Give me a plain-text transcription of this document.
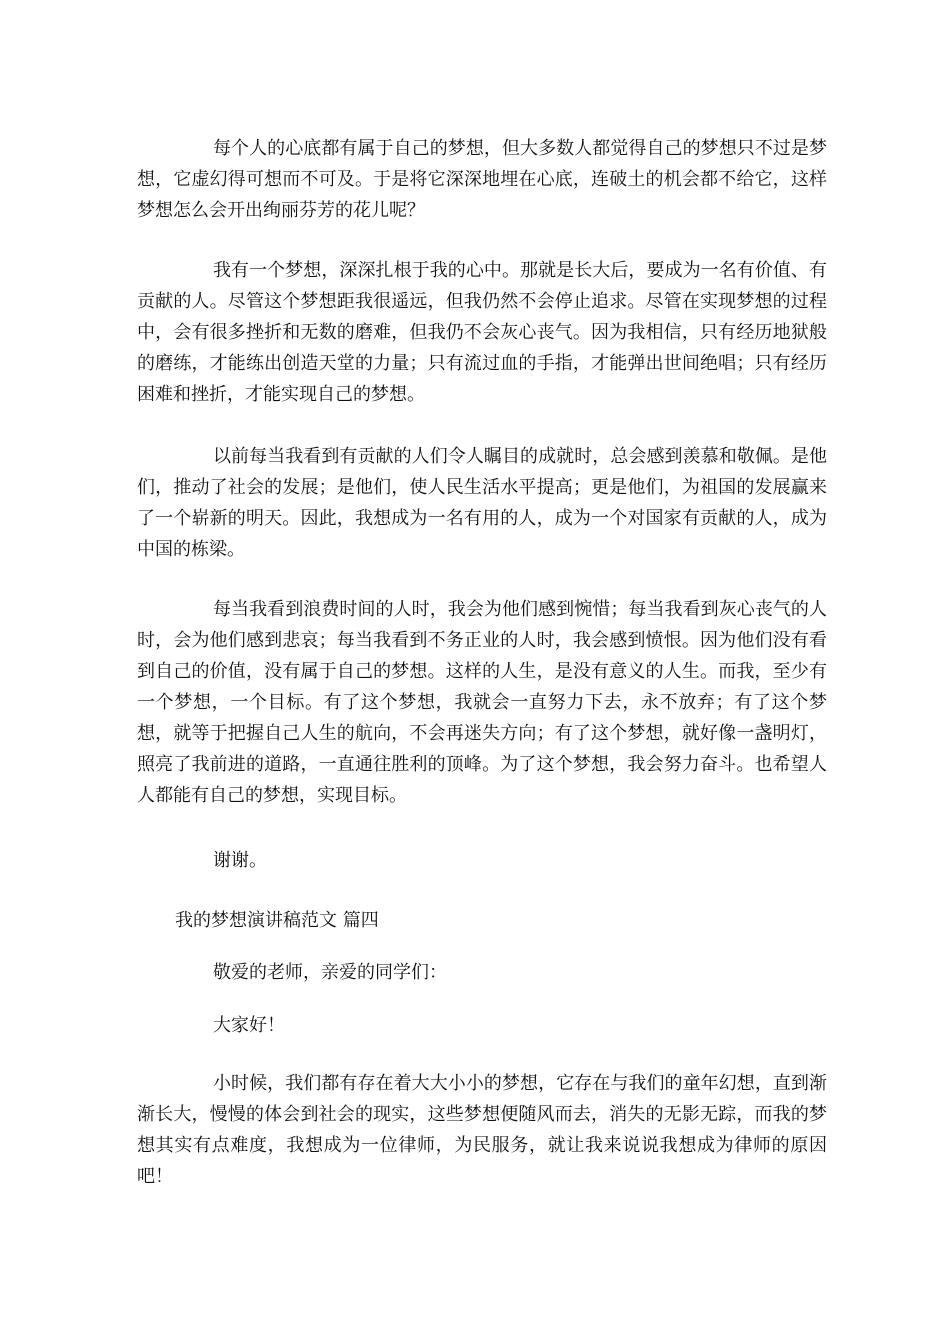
每个人的心底都有属于自己的梦想，但大多数人都觉得自己的梦想只不过是梦想，它虚幻得可想而不可及。于是将它深深地埋在心底，连破土的机会都不给它，这样梦想怎么会开出绚丽芬芳的花儿呢？

我有一个梦想，深深扎根于我的心中。那就是长大后，要成为一名有价值、有贡献的人。尽管这个梦想距我很遥远，但我仍然不会停止追求。尽管在实现梦想的过程中，会有很多挫折和无数的磨难，但我仍不会灰心丧气。因为我相信，只有经历地狱般的磨练，才能练出创造天堂的力量；只有流过血的手指，才能弹出世间绝唱；只有经历困难和挫折，才能实现自己的梦想。

以前每当我看到有贡献的人们令人瞩目的成就时，总会感到羡慕和敬佩。是他们，推动了社会的发展；是他们，使人民生活水平提高；更是他们，为祖国的发展赢来了一个崭新的明天。因此，我想成为一名有用的人，成为一个对国家有贡献的人，成为中国的栋梁。

每当我看到浪费时间的人时，我会为他们感到惋惜；每当我看到灰心丧气的人时，会为他们感到悲哀；每当我看到不务正业的人时，我会感到愤恨。因为他们没有看到自己的价值，没有属于自己的梦想。这样的人生，是没有意义的人生。而我，至少有一个梦想，一个目标。有了这个梦想，我就会一直努力下去，永不放弃；有了这个梦想，就等于把握自己人生的航向，不会再迷失方向；有了这个梦想，就好像一盏明灯，照亮了我前进的道路，一直通往胜利的顶峰。为了这个梦想，我会努力奋斗。也希望人人都能有自己的梦想，实现目标。

谢谢。

我的梦想演讲稿范文 篇四

敬爱的老师，亲爱的同学们：

大家好！

小时候，我们都有存在着大大小小的梦想，它存在与我们的童年幻想，直到渐渐长大，慢慢的体会到社会的现实，这些梦想便随风而去，消失的无影无踪，而我的梦想其实有点难度，我想成为一位律师，为民服务，就让我来说说我想成为律师的原因吧！
